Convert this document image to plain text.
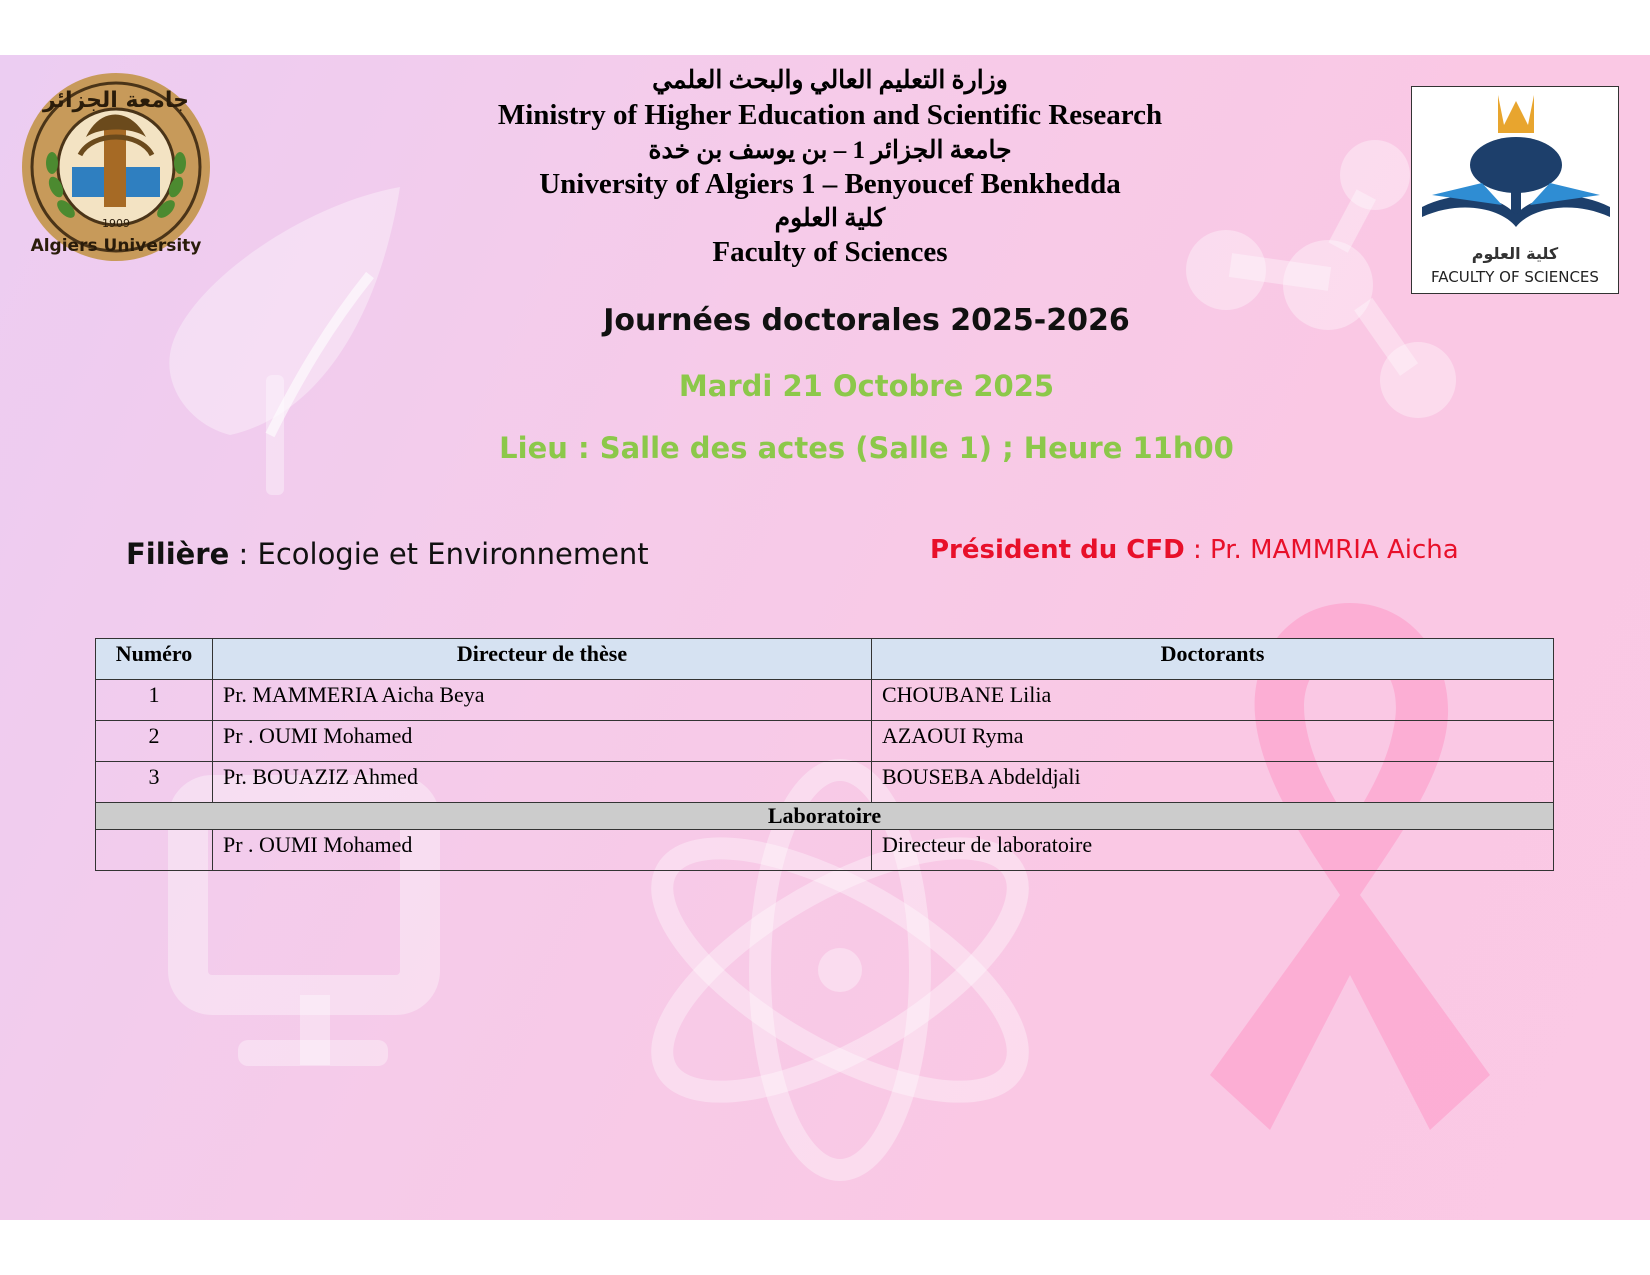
جامعة الجزائر
1909
Algiers University	كلية العلوم
FACULTY OF SCIENCES
وزارة التعليم العالي والبحث العلمي
Ministry of Higher Education and Scientific Research
جامعة الجزائر 1 – بن يوسف بن خدة
University of Algiers 1 – Benyoucef Benkhedda
كلية العلوم
Faculty of Sciences
Journées doctorales 2025-2026
Mardi 21 Octobre 2025
Lieu : Salle des actes (Salle 1) ; Heure 11h00
Filière : Ecologie et Environnement	Président du CFD : Pr. MAMMRIA Aicha
Numéro	Directeur de thèse	Doctorants
1	Pr. MAMMERIA Aicha Beya	CHOUBANE Lilia
2	Pr . OUMI Mohamed	AZAOUI Ryma
3	Pr. BOUAZIZ Ahmed	BOUSEBA Abdeldjali
Laboratoire		
	Pr . OUMI Mohamed	Directeur de laboratoire
